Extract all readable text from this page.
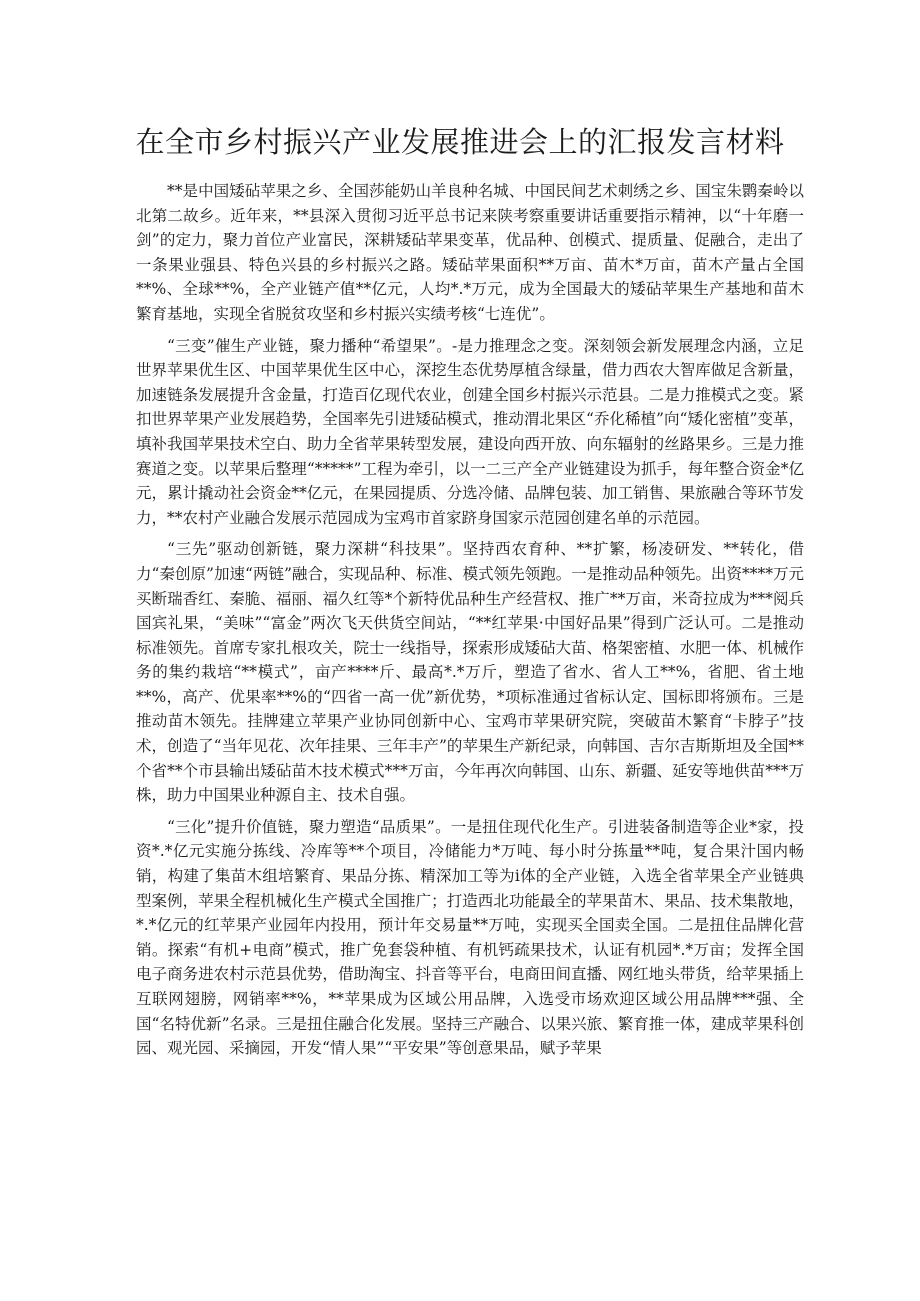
在全市乡村振兴产业发展推进会上的汇报发言材料

**是中国矮砧苹果之乡、全国莎能奶山羊良种名城、中国民间艺术刺绣之乡、国宝朱鹮秦岭以北第二故乡。近年来，**县深入贯彻习近平总书记来陕考察重要讲话重要指示精神，以“十年磨一剑”的定力，聚力首位产业富民，深耕矮砧苹果变革，优品种、创模式、提质量、促融合，走出了一条果业强县、特色兴县的乡村振兴之路。矮砧苹果面积**万亩、苗木*万亩，苗木产量占全国**%、全球**%，全产业链产值**亿元，人均*.*万元，成为全国最大的矮砧苹果生产基地和苗木繁育基地，实现全省脱贫攻坚和乡村振兴实绩考核“七连优”。

“三变”催生产业链，聚力播种“希望果”。-是力推理念之变。深刻领会新发展理念内涵，立足世界苹果优生区、中国苹果优生区中心，深挖生态优势厚植含绿量，借力西农大智库做足含新量，加速链条发展提升含金量，打造百亿现代农业，创建全国乡村振兴示范县。二是力推模式之变。紧扣世界苹果产业发展趋势，全国率先引进矮砧模式，推动渭北果区“乔化稀植”向“矮化密植”变革，填补我国苹果技术空白、助力全省苹果转型发展，建设向西开放、向东辐射的丝路果乡。三是力推赛道之变。以苹果后整理“*****”工程为牵引，以一二三产全产业链建设为抓手，每年整合资金*亿元，累计撬动社会资金**亿元，在果园提质、分选冷储、品牌包装、加工销售、果旅融合等环节发力，**农村产业融合发展示范园成为宝鸡市首家跻身国家示范园创建名单的示范园。

“三先”驱动创新链，聚力深耕“科技果”。坚持西农育种、**扩繁，杨凌研发、**转化，借力“秦创原”加速“两链”融合，实现品种、标准、模式领先领跑。一是推动品种领先。出资****万元买断瑞香红、秦脆、福丽、福久红等*个新特优品种生产经营权、推广**万亩，米奇拉成为***阅兵国宾礼果，“美味”“富金”两次飞天供货空间站，“**红苹果·中国好品果”得到广泛认可。二是推动标准领先。首席专家扎根攻关，院士一线指导，探索形成矮砧大苗、格架密植、水肥一体、机械作务的集约栽培“**模式”，亩产****斤、最高*.*万斤，塑造了省水、省人工**%，省肥、省土地**%，高产、优果率**%的“四省一高一优”新优势，*项标准通过省标认定、国标即将颁布。三是推动苗木领先。挂牌建立苹果产业协同创新中心、宝鸡市苹果研究院，突破苗木繁育“卡脖子”技术，创造了“当年见花、次年挂果、三年丰产”的苹果生产新纪录，向韩国、吉尔吉斯斯坦及全国**个省**个市县输出矮砧苗木技术模式***万亩，今年再次向韩国、山东、新疆、延安等地供苗***万株，助力中国果业种源自主、技术自强。

“三化”提升价值链，聚力塑造“品质果”。一是扭住现代化生产。引进装备制造等企业*家，投资*.*亿元实施分拣线、冷库等**个项目，冷储能力*万吨、每小时分拣量**吨，复合果汁国内畅销，构建了集苗木组培繁育、果品分拣、精深加工等为i体的全产业链，入选全省苹果全产业链典型案例，苹果全程机械化生产模式全国推广；打造西北功能最全的苹果苗木、果品、技术集散地，*.*亿元的红苹果产业园年内投用，预计年交易量**万吨，实现买全国卖全国。二是扭住品牌化营销。探索“有机+电商”模式，推广免套袋种植、有机钙疏果技术，认证有机园*.*万亩；发挥全国电子商务进农村示范县优势，借助淘宝、抖音等平台，电商田间直播、网红地头带货，给苹果插上互联网翅膀，网销率**%，**苹果成为区域公用品牌，入选受市场欢迎区域公用品牌***强、全国“名特优新”名录。三是扭住融合化发展。坚持三产融合、以果兴旅、繁育推一体，建成苹果科创园、观光园、采摘园，开发“情人果”“平安果”等创意果品，赋予苹果
